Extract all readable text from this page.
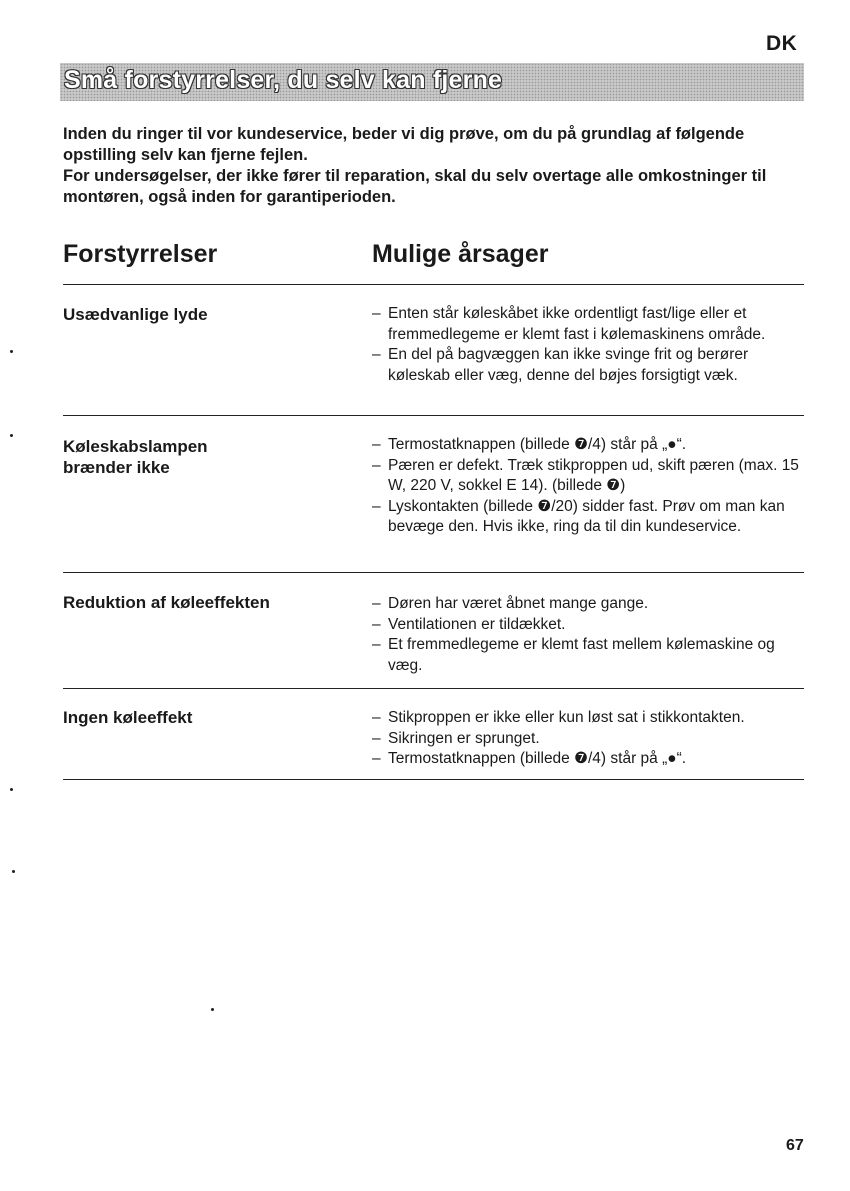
DK
Små forstyrrelser, du selv kan fjerne

Inden du ringer til vor kundeservice, beder vi dig prøve, om du på grundlag af følgende opstilling selv kan fjerne fejlen.

For undersøgelser, der ikke fører til reparation, skal du selv overtage alle omkostninger til montøren, også inden for garantiperioden.

Forstyrrelser	Mulige årsager
Usædvanlige lyde	– Enten står køleskåbet ikke ordentligt fast/lige eller et fremmedlegeme er klemt fast i kølemaskinens område.
– En del på bagvæggen kan ikke svinge frit og berører køleskab eller væg, denne del bøjes forsigtigt væk.
Køleskabslampen brænder ikke
– Termostatknappen (billede ❼/4) står på „●“.
– Pæren er defekt. Træk stikproppen ud, skift pæren (max. 15 W, 220 V, sokkel E 14). (billede ❼)
– Lyskontakten (billede ❼/20) sidder fast. Prøv om man kan bevæge den. Hvis ikke, ring da til din kundeservice.
Reduktion af køleeffekten	– Døren har været åbnet mange gange.
– Ventilationen er tildækket.
– Et fremmedlegeme er klemt fast mellem kølemaskine og væg.
Ingen køleeffekt	– Stikproppen er ikke eller kun løst sat i stikkontakten.
– Sikringen er sprunget.
– Termostatknappen (billede ❼/4) står på „●“.
67
